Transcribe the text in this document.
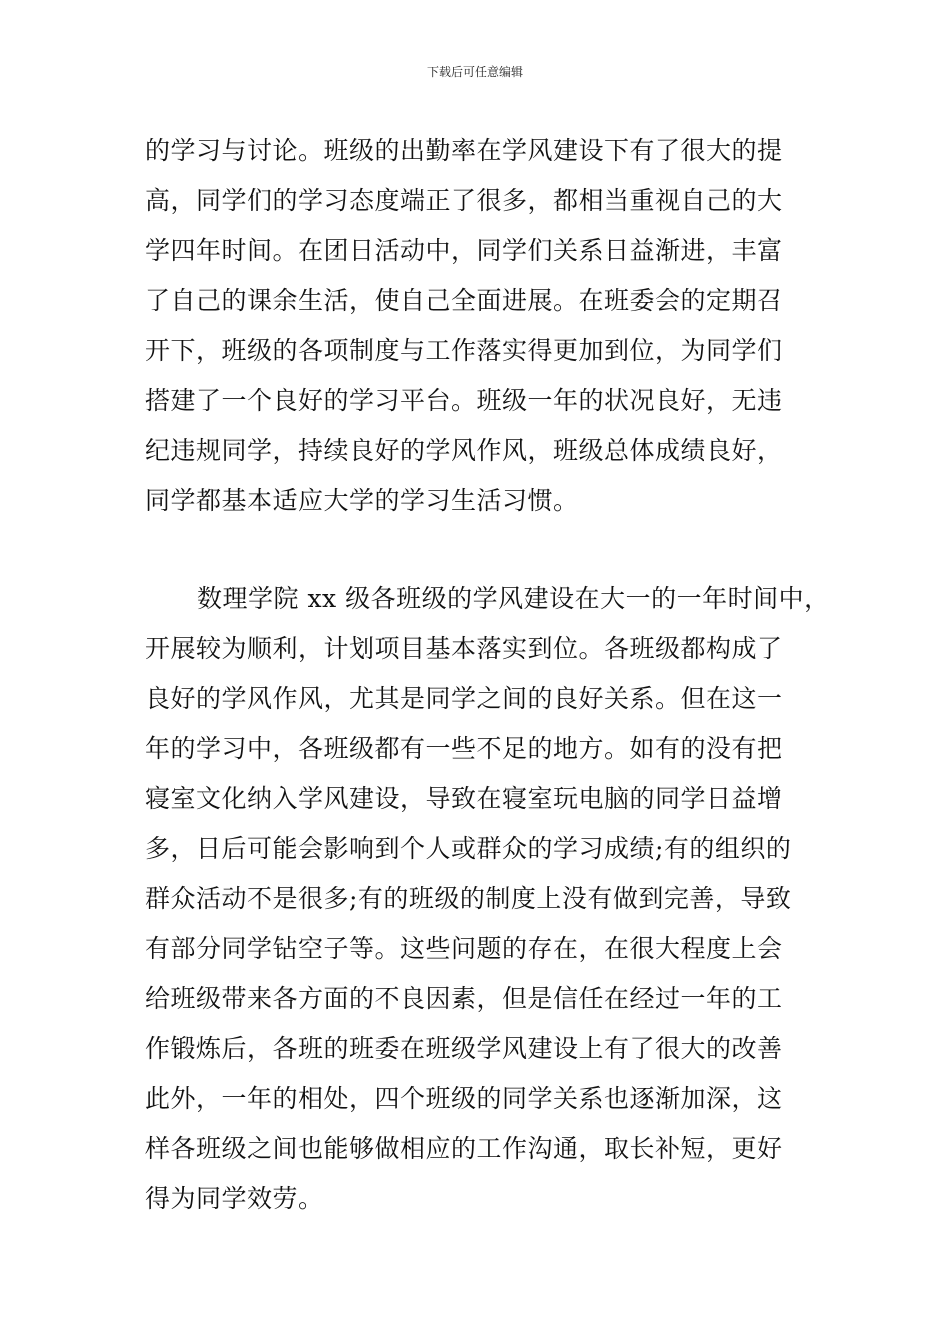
下载后可任意编辑
的学习与讨论。班级的出勤率在学风建设下有了很大的提
高，同学们的学习态度端正了很多，都相当重视自己的大
学四年时间。在团日活动中，同学们关系日益渐进，丰富
了自己的课余生活，使自己全面进展。在班委会的定期召
开下，班级的各项制度与工作落实得更加到位，为同学们
搭建了一个良好的学习平台。班级一年的状况良好，无违
纪违规同学，持续良好的学风作风，班级总体成绩良好，
同学都基本适应大学的学习生活习惯。
数理学院 xx 级各班级的学风建设在大一的一年时间中，
开展较为顺利，计划项目基本落实到位。各班级都构成了
良好的学风作风，尤其是同学之间的良好关系。但在这一
年的学习中，各班级都有一些不足的地方。如有的没有把
寝室文化纳入学风建设，导致在寝室玩电脑的同学日益增
多，日后可能会影响到个人或群众的学习成绩;有的组织的
群众活动不是很多;有的班级的制度上没有做到完善，导致
有部分同学钻空子等。这些问题的存在，在很大程度上会
给班级带来各方面的不良因素，但是信任在经过一年的工
作锻炼后，各班的班委在班级学风建设上有了很大的改善
此外，一年的相处，四个班级的同学关系也逐渐加深，这
样各班级之间也能够做相应的工作沟通，取长补短，更好
得为同学效劳。
